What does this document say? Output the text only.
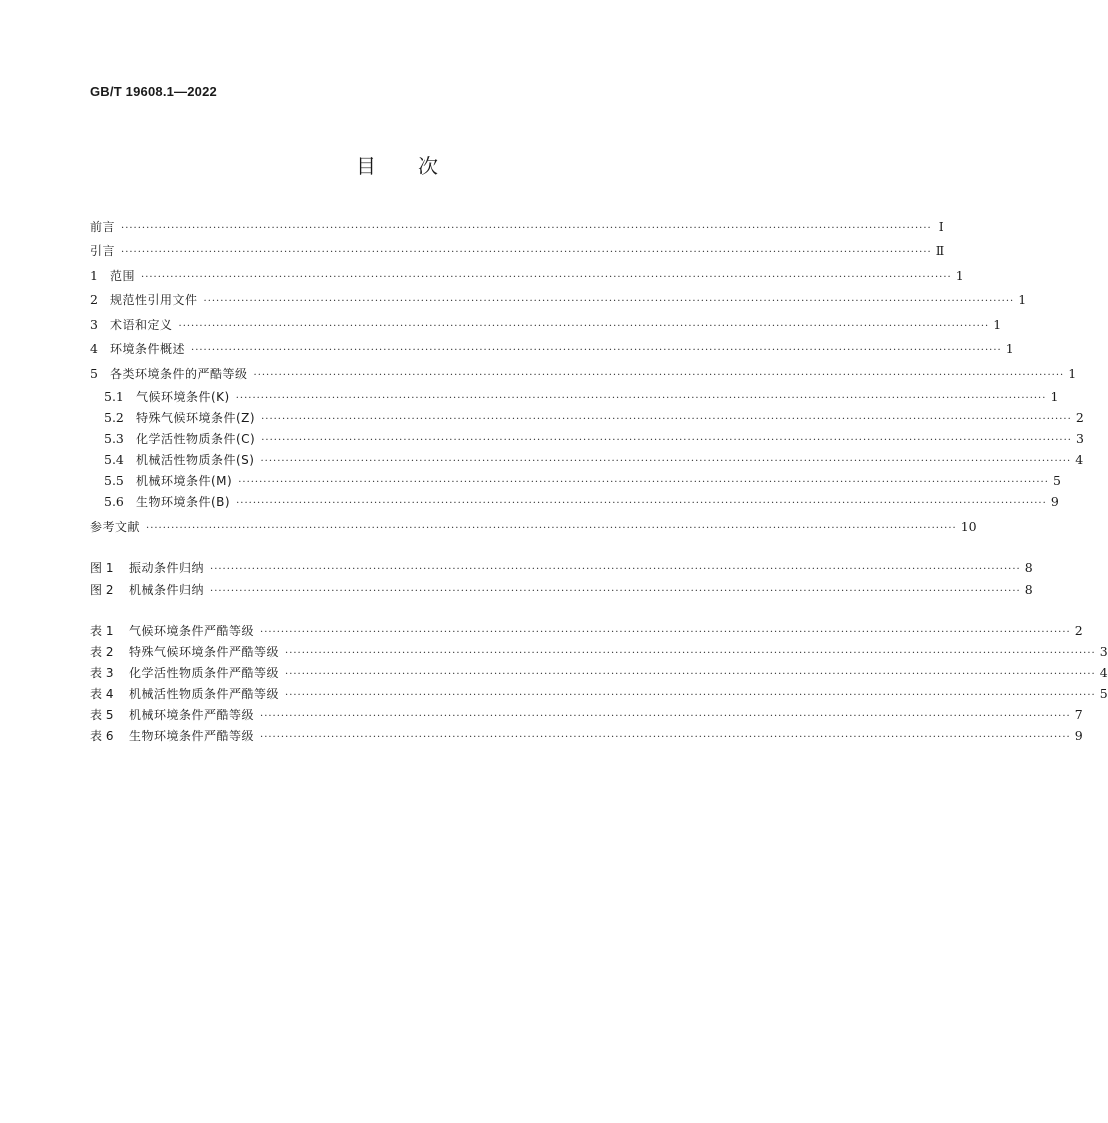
GB/T 19608.1—2022
目次
前言 ·································································································································································································· Ⅰ
引言 ·································································································································································································· Ⅱ
1	范围 ·································································································································································································· 1
2	规范性引用文件 ·································································································································································································· 1
3	术语和定义 ·································································································································································································· 1
4	环境条件概述 ·································································································································································································· 1
5	各类环境条件的严酷等级 ·································································································································································································· 1
5.1	气候环境条件(K) ·································································································································································································· 1
5.2	特殊气候环境条件(Z) ·································································································································································································· 2
5.3	化学活性物质条件(C) ·································································································································································································· 3
5.4	机械活性物质条件(S) ·································································································································································································· 4
5.5	机械环境条件(M) ·································································································································································································· 5
5.6	生物环境条件(B) ·································································································································································································· 9
参考文献 ·································································································································································································· 10
图 1	振动条件归纳 ·································································································································································································· 8
图 2	机械条件归纳 ·································································································································································································· 8
表 1	气候环境条件严酷等级 ·································································································································································································· 2
表 2	特殊气候环境条件严酷等级 ·································································································································································································· 3
表 3	化学活性物质条件严酷等级 ·································································································································································································· 4
表 4	机械活性物质条件严酷等级 ·································································································································································································· 5
表 5	机械环境条件严酷等级 ·································································································································································································· 7
表 6	生物环境条件严酷等级 ·································································································································································································· 9
